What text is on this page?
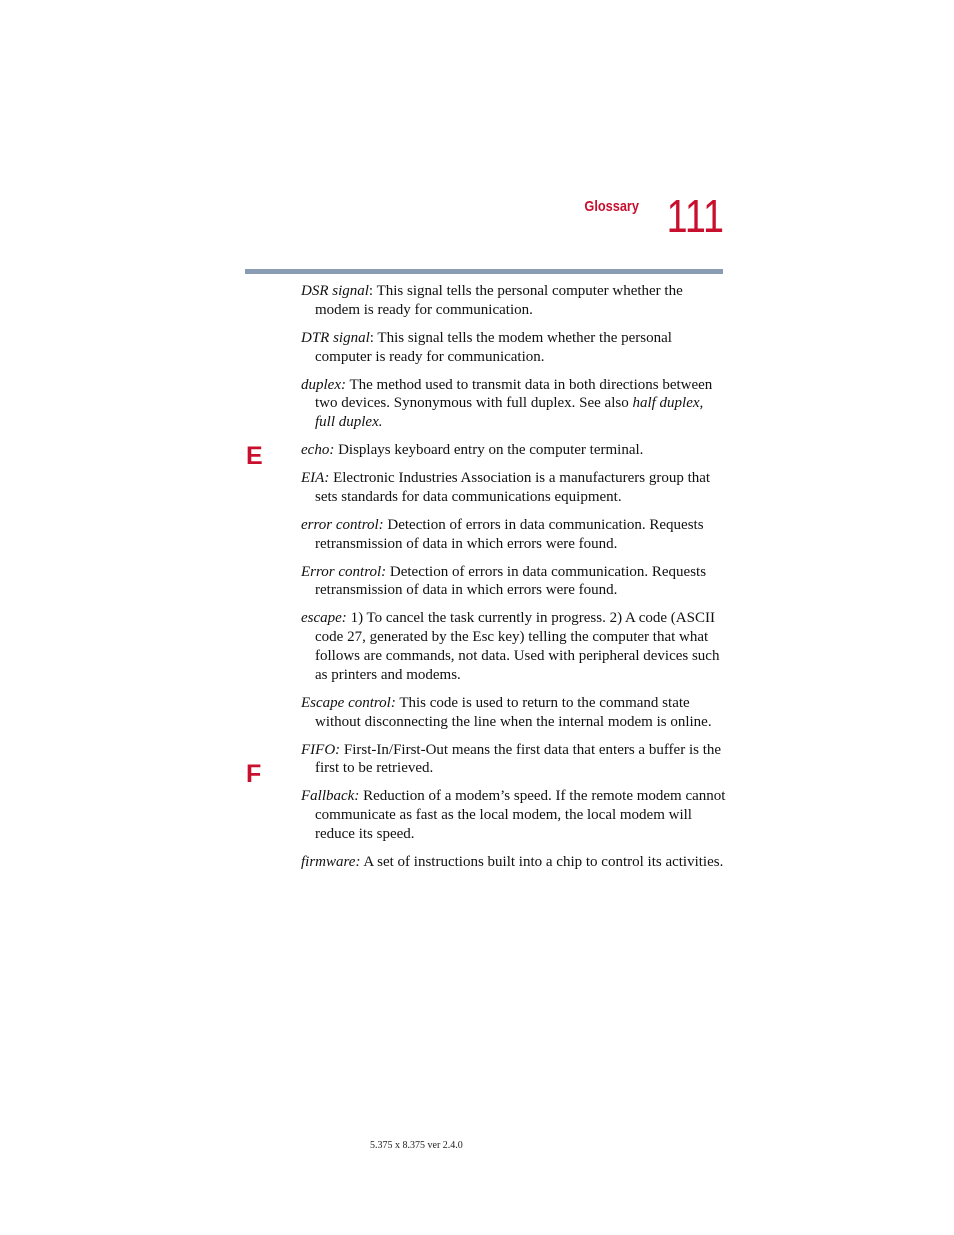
Glossary 111
E
F

DSR signal: This signal tells the personal computer whether the modem is ready for communication.

DTR signal: This signal tells the modem whether the personal computer is ready for communication.

duplex: The method used to transmit data in both directions between two devices. Synonymous with full duplex. See also half duplex, full duplex.

echo: Displays keyboard entry on the computer terminal.

EIA: Electronic Industries Association is a manufacturers group that sets standards for data communications equipment.

error control: Detection of errors in data communication. Requests retransmission of data in which errors were found.

Error control: Detection of errors in data communication. Requests retransmission of data in which errors were found.

escape: 1) To cancel the task currently in progress. 2) A code (ASCII code 27, generated by the Esc key) telling the computer that what follows are commands, not data. Used with peripheral devices such as printers and modems.

Escape control: This code is used to return to the command state without disconnecting the line when the internal modem is online.

FIFO: First-In/First-Out means the first data that enters a buffer is the first to be retrieved.

Fallback: Reduction of a modem’s speed. If the remote modem cannot communicate as fast as the local modem, the local modem will reduce its speed.

firmware: A set of instructions built into a chip to control its activities.

5.375 x 8.375 ver 2.4.0
